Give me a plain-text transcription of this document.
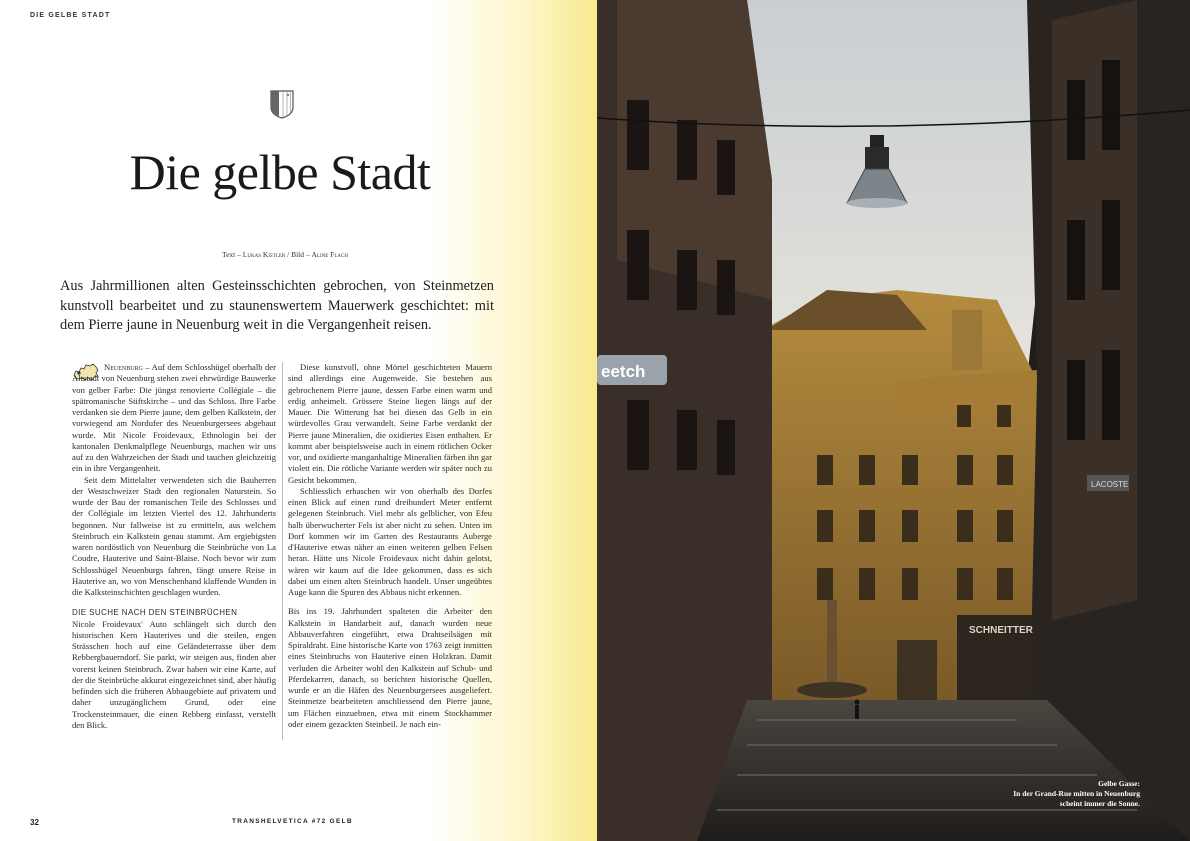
DIE GELBE STADT
Die gelbe Stadt
Text – Lukas Kistler / Bild – Aline Flach

Aus Jahrmillionen alten Gesteinsschichten gebrochen, von Steinmetzen kunstvoll bearbeitet und zu staunenswertem Mauerwerk geschichtet: mit dem Pierre jaune in Neuenburg weit in die Vergangenheit reisen.

Neuenburg – Auf dem Schlosshügel oberhalb der Altstadt von Neuenburg stehen zwei ehrwürdige Bauwerke von gelber Farbe: Die jüngst renovierte Collégiale – die spätromanische Stiftskirche – und das Schloss. Ihre Farbe verdanken sie dem Pierre jaune, dem gelben Kalkstein, der vorwiegend am Nordufer des Neuenburgersees abgebaut wurde. Mit Nicole Froidevaux, Ethnologin bei der kantonalen Denkmalpflege Neuenburgs, machen wir uns auf zu den Wahrzeichen der Stadt und tauchen gleichzeitig ein in ihre Vergangenheit.

Seit dem Mittelalter verwendeten sich die Bauherren der Westschweizer Stadt den regionalen Naturstein. So wurde der Bau der romanischen Teile des Schlosses und der Collégiale im letzten Viertel des 12. Jahrhunderts begonnen. Nur fallweise ist zu ermitteln, aus welchem Steinbruch ein Kalkstein genau stammt. Am ergiebigsten waren nordöstlich von Neuenburg die Steinbrüche von La Coudre, Hauterive und Saint-Blaise. Noch bevor wir zum Schlosshügel Neuenburgs fahren, fängt unsere Reise in Hauterive an, wo von Menschenhand klaffende Wunden in die Kalksteinschichten geschlagen wurden.

DIE SUCHE NACH DEN STEINBRÜCHEN

Nicole Froidevaux' Auto schlängelt sich durch den historischen Kern Hauterives und die steilen, engen Strässchen hoch auf eine Geländeterrasse über dem Rebbergbauerndorf. Sie parkt, wir steigen aus, finden aber vorerst keinen Steinbruch. Zwar haben wir eine Karte, auf der die Steinbrüche akkurat eingezeichnet sind, aber häufig befinden sich die früheren Abbaugebiete auf privatem und daher unzugänglichem Grund, oder eine Trockensteinmauer, die einen Rebberg einfasst, verstellt den Blick.

Diese kunstvoll, ohne Mörtel geschichteten Mauern sind allerdings eine Augenweide. Sie bestehen aus gebrochenem Pierre jaune, dessen Farbe einen warm und erdig anheimelt. Grössere Steine liegen längs auf der Mauer. Die Witterung hat bei diesen das Gelb in ein würdevolles Grau verwandelt. Seine Farbe verdankt der Pierre jaune Mineralien, die oxidiertes Eisen enthalten. Er kommt aber beispielsweise auch in einem rötlichen Ocker vor, und oxidierte manganhaltige Mineralien färben ihn gar violett ein. Die rötliche Variante werden wir später noch zu Gesicht bekommen.

Schliesslich erhaschen wir von oberhalb des Dorfes einen Blick auf einen rund dreihundert Meter entfernt gelegenen Steinbruch. Viel mehr als gelblicher, von Efeu halb überwucherter Fels ist aber nicht zu sehen. Unten im Dorf kommen wir im Garten des Restaurants Auberge d'Hauterive etwas näher an einen weiteren gelben Felsen heran. Hätte uns Nicole Froidevaux nicht dahin gelotst, wären wir kaum auf die Idee gekommen, dass es sich dabei um einen alten Steinbruch handelt. Unser ungeübtes Auge kann die Spuren des Abbaus nicht erkennen.

Bis ins 19. Jahrhundert spalteten die Arbeiter den Kalkstein in Handarbeit auf, danach wurden neue Abbauverfahren eingeführt, etwa Drahtseilsägen mit Spiraldraht. Eine historische Karte von 1763 zeigt inmitten eines Steinbruchs von Hauterive einen Holzkran. Damit verluden die Arbeiter wohl den Kalkstein auf Schub- und Pferdekarren, danach, so berichten historische Quellen, wurde er an die Häfen des Neuenburgersees ausgeliefert. Steinmetze bearbeiteten anschliessend den Pierre jaune, um Flächen einzuebnen, etwa mit einem Stockhammer oder einem gezackten Steinbeil. Je nach ein-

32	TRANSHELVETICA #72 GELB
eetch
LACOSTE
SCHNEITTER
Gelbe Gasse:
In der Grand-Rue mitten in Neuenburg
scheint immer die Sonne.
